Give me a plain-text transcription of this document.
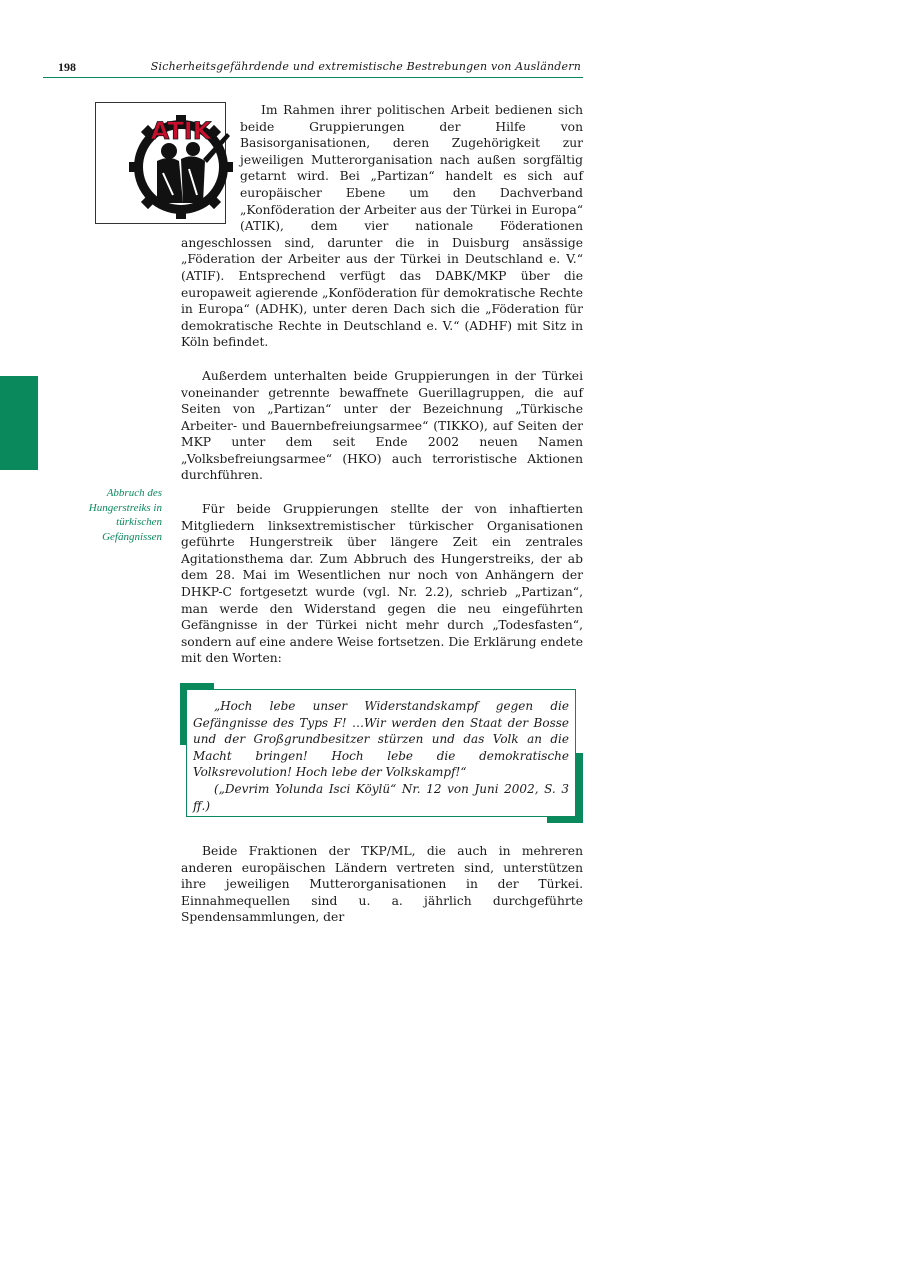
198	Sicherheitsgefährdende und extremistische Bestrebungen von Ausländern
Abbruch des Hungerstreiks in türkischen Gefängnissen

ATIK
Im Rahmen ihrer politischen Arbeit bedienen sich beide Gruppierungen der Hilfe von Basisorganisationen, deren Zugehörigkeit zur jeweiligen Mutterorganisation nach außen sorgfältig getarnt wird. Bei „Partizan“ handelt es sich auf europäischer Ebene um den Dachverband „Konföderation der Arbeiter aus der Türkei in Europa“ (ATIK), dem vier nationale Föderationen angeschlossen sind, darunter die in Duisburg ansässige „Föderation der Arbeiter aus der Türkei in Deutschland e. V.“ (ATIF). Entsprechend verfügt das DABK/MKP über die europaweit agierende „Konföderation für demokratische Rechte in Europa“ (ADHK), unter deren Dach sich die „Föderation für demokratische Rechte in Deutschland e. V.“ (ADHF) mit Sitz in Köln befindet.

Außerdem unterhalten beide Gruppierungen in der Türkei voneinander getrennte bewaffnete Guerillagruppen, die auf Seiten von „Partizan“ unter der Bezeichnung „Türkische Arbeiter- und Bauernbefreiungsarmee“ (TIKKO), auf Seiten der MKP unter dem seit Ende 2002 neuen Namen „Volksbefreiungsarmee“ (HKO) auch terroristische Aktionen durchführen.

Für beide Gruppierungen stellte der von inhaftierten Mitgliedern linksextremistischer türkischer Organisationen geführte Hungerstreik über längere Zeit ein zentrales Agitationsthema dar. Zum Abbruch des Hungerstreiks, der ab dem 28. Mai im Wesentlichen nur noch von Anhängern der DHKP-C fortgesetzt wurde (vgl. Nr. 2.2), schrieb „Partizan“, man werde den Widerstand gegen die neu eingeführten Gefängnisse in der Türkei nicht mehr durch „Todesfasten“, sondern auf eine andere Weise fortsetzen. Die Erklärung endete mit den Worten:

„Hoch lebe unser Widerstandskampf gegen die Gefängnisse des Typs F! …Wir werden den Staat der Bosse und der Großgrundbesitzer stürzen und das Volk an die Macht bringen! Hoch lebe die demokratische Volksrevolution! Hoch lebe der Volkskampf!“

(„Devrim Yolunda Isci Köylü“ Nr. 12 von Juni 2002, S. 3 ff.)

Beide Fraktionen der TKP/ML, die auch in mehreren anderen europäischen Ländern vertreten sind, unterstützen ihre jeweiligen Mutterorganisationen in der Türkei. Einnahmequellen sind u. a. jährlich durchgeführte Spendensammlungen, der
